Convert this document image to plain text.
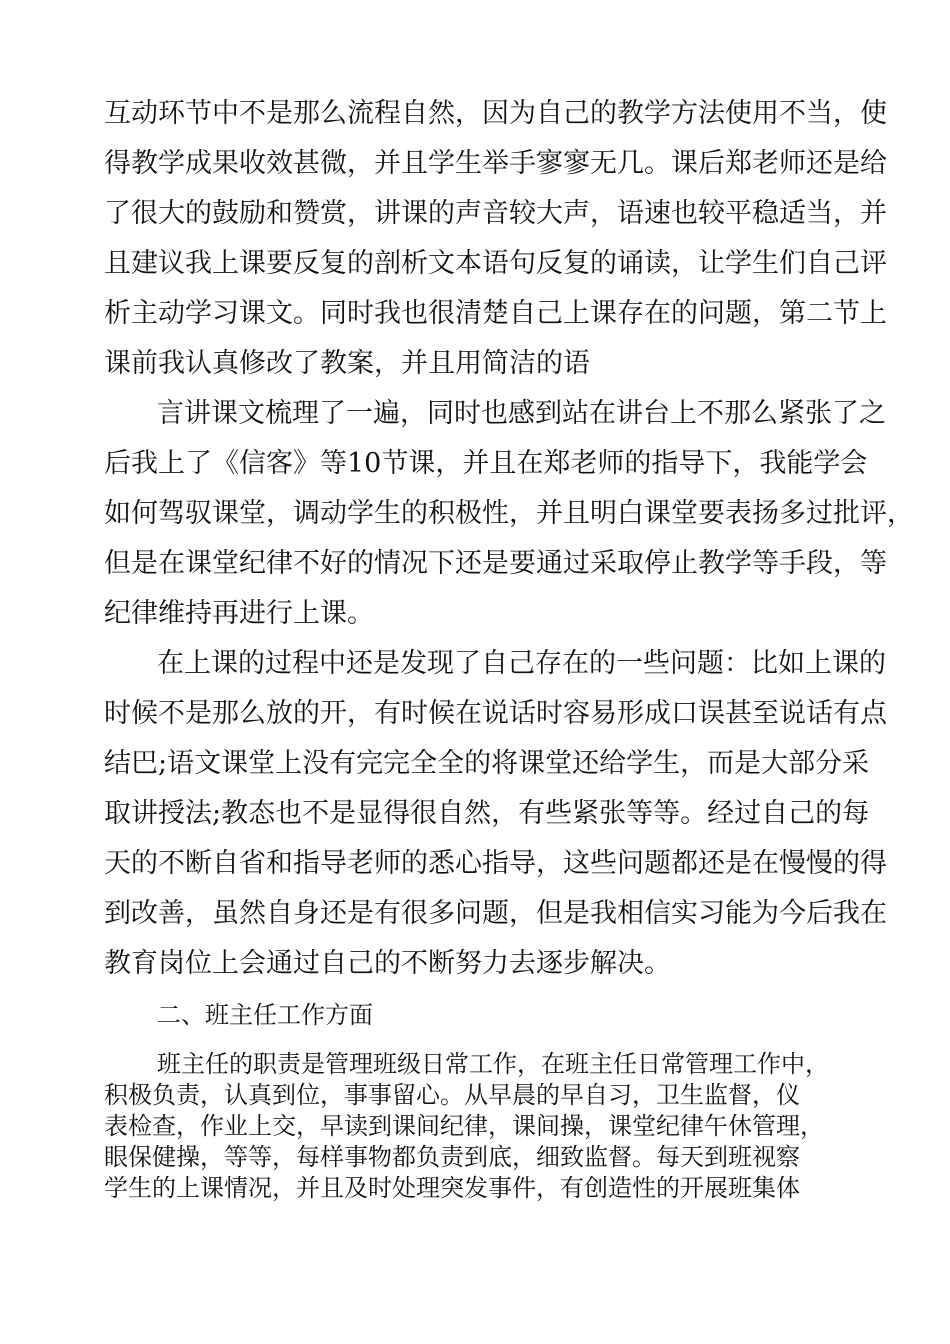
互动环节中不是那么流程自然，因为自己的教学方法使用不当，使
得教学成果收效甚微，并且学生举手寥寥无几。课后郑老师还是给
了很大的鼓励和赞赏，讲课的声音较大声，语速也较平稳适当，并
且建议我上课要反复的剖析文本语句反复的诵读，让学生们自己评
析主动学习课文。同时我也很清楚自己上课存在的问题，第二节上
课前我认真修改了教案，并且用简洁的语
言讲课文梳理了一遍，同时也感到站在讲台上不那么紧张了之
后我上了《信客》等10节课，并且在郑老师的指导下，我能学会
如何驾驭课堂，调动学生的积极性，并且明白课堂要表扬多过批评，
但是在课堂纪律不好的情况下还是要通过采取停止教学等手段，等
纪律维持再进行上课。
在上课的过程中还是发现了自己存在的一些问题：比如上课的
时候不是那么放的开，有时候在说话时容易形成口误甚至说话有点
结巴;语文课堂上没有完完全全的将课堂还给学生，而是大部分采
取讲授法;教态也不是显得很自然，有些紧张等等。经过自己的每
天的不断自省和指导老师的悉心指导，这些问题都还是在慢慢的得
到改善，虽然自身还是有很多问题，但是我相信实习能为今后我在
教育岗位上会通过自己的不断努力去逐步解决。
二、班主任工作方面
班主任的职责是管理班级日常工作，在班主任日常管理工作中，
积极负责，认真到位，事事留心。从早晨的早自习，卫生监督，仪
表检查，作业上交，早读到课间纪律，课间操，课堂纪律午休管理，
眼保健操，等等，每样事物都负责到底，细致监督。每天到班视察
学生的上课情况，并且及时处理突发事件，有创造性的开展班集体
